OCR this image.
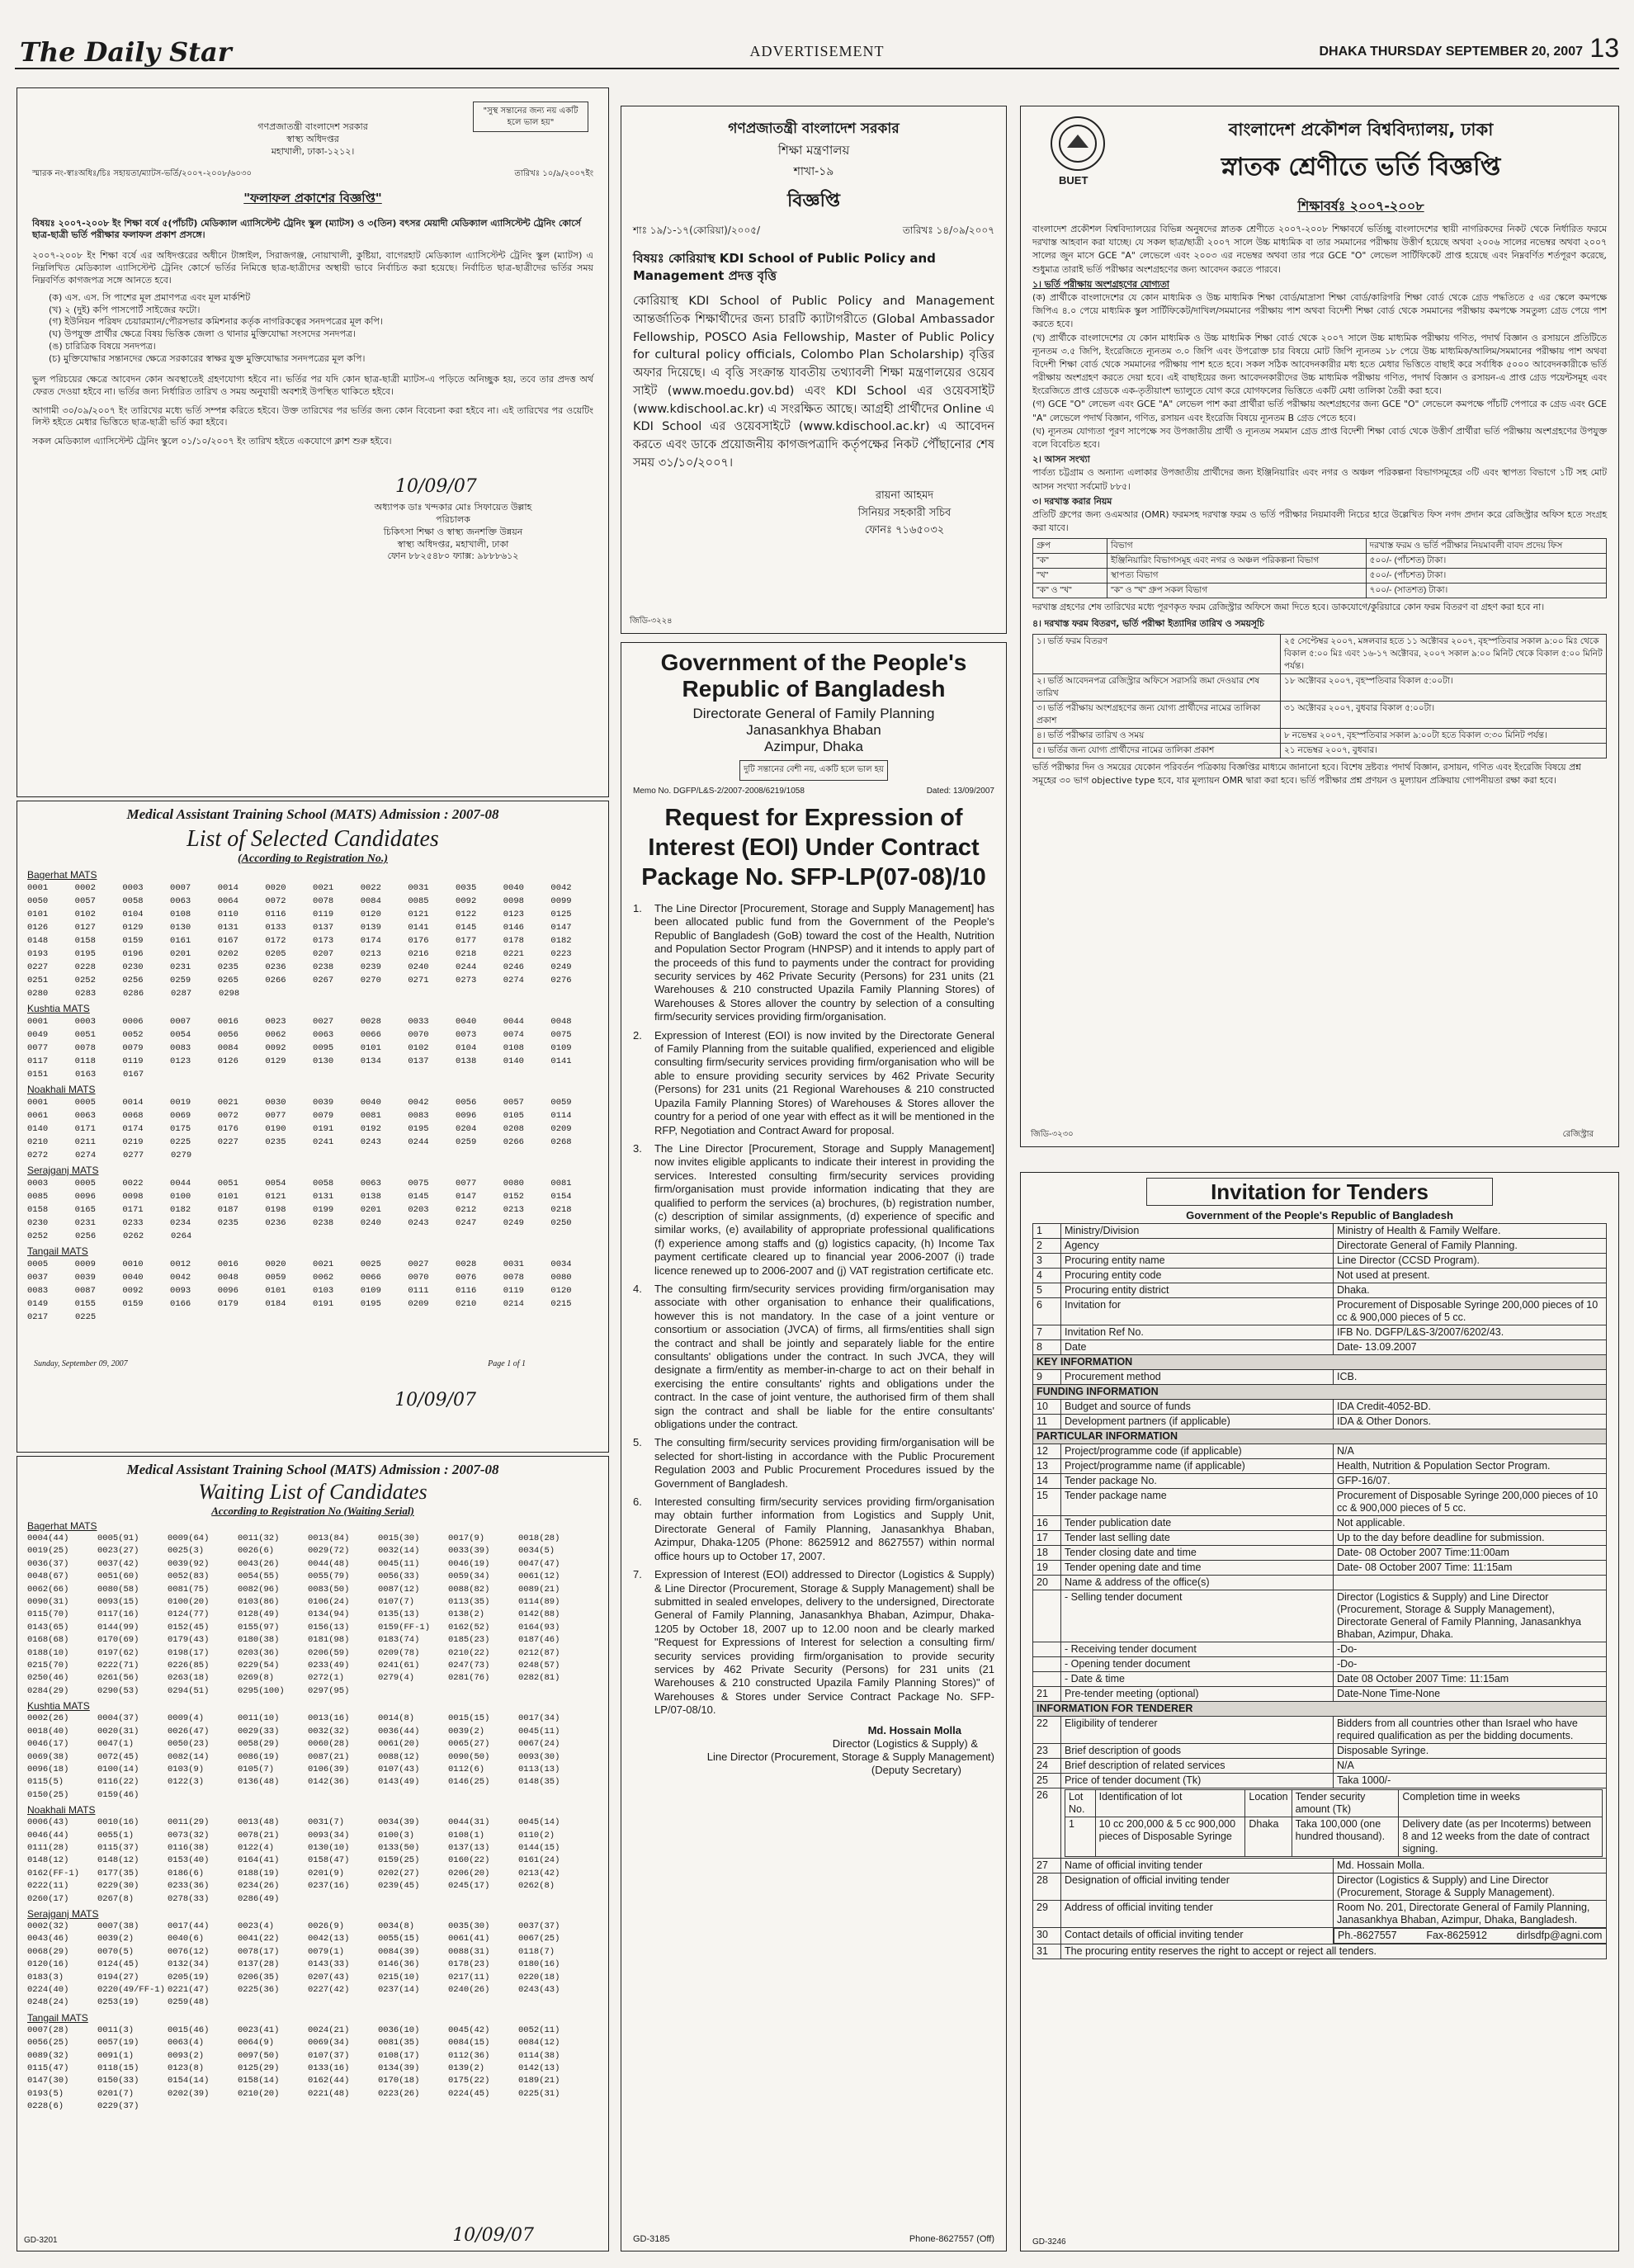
The Daily Star	ADVERTISEMENT	DHAKA THURSDAY SEPTEMBER 20, 2007 13
"সুস্থ সন্তানের জন্য নয় একটি হলে ভাল হয়"
গণপ্রজাতন্ত্রী বাংলাদেশ সরকার
স্বাস্থ্য অধিদপ্তর
মহাখালী, ঢাকা-১২১২।
স্মারক নং-স্বাঃঅধিঃ/চিঃ সহায়তা/ম্যাটস-ভর্তি/২০০৭-২০০৮/৬০৩০	তারিখঃ ১০/৯/২০০৭ইং
"ফলাফল প্রকাশের বিজ্ঞপ্তি"
বিষয়ঃ ২০০৭-২০০৮ ইং শিক্ষা বর্ষে ৫(পাঁচটি) মেডিক্যাল এ্যাসিস্টেন্ট ট্রেনিং স্কুল (ম্যাটস) ও ৩(তিন) বৎসর মেয়াদী মেডিক্যাল এ্যাসিস্টেন্ট ট্রেনিং কোর্সে ছাত্র-ছাত্রী ভর্তি পরীক্ষার ফলাফল প্রকাশ প্রসঙ্গে।
২০০৭-২০০৮ ইং শিক্ষা বর্ষে এর অধিদপ্তরের অধীনে টাঙ্গাইল, সিরাজগঞ্জ, নোয়াখালী, কুষ্টিয়া, বাগেরহাট মেডিক্যাল এ্যাসিস্টেন্ট ট্রেনিং স্কুল (ম্যাটস) এ নিম্নলিখিত মেডিক্যাল এ্যাসিস্টেন্ট ট্রেনিং কোর্সে ভর্তির নিমিত্তে ছাত্র-ছাত্রীদের অস্থায়ী ভাবে নির্বাচিত করা হয়েছে। নির্বাচিত ছাত্র-ছাত্রীদের ভর্তির সময় নিম্নবর্ণিত কাগজপত্র সঙ্গে আনতে হবে।
(ক) এস. এস. সি পাশের মূল প্রমাণপত্র এবং মূল মার্কশিট
(খ) ২ (দুই) কপি পাসপোর্ট সাইজের ফটো।
(গ) ইউনিয়ন পরিষদ চেয়ারম্যান/পৌরসভার কমিশনার কর্তৃক নাগরিকত্বের সনদপত্রের মূল কপি।
(ঘ) উপযুক্ত প্রার্থীর ক্ষেত্রে বিষয় ভিত্তিক জেলা ও থানার মুক্তিযোদ্ধা সংসদের সনদপত্র।
(ঙ) চারিত্রিক বিষয়ে সনদপত্র।
(চ) মুক্তিযোদ্ধার সন্তানদের ক্ষেত্রে সরকারের স্বাক্ষর যুক্ত মুক্তিযোদ্ধার সনদপত্রের মূল কপি।
ভুল পরিচয়ের ক্ষেত্রে আবেদন কোন অবস্থাতেই গ্রহণযোগ্য হইবে না। ভর্তির পর যদি কোন ছাত্র-ছাত্রী ম্যাটস-এ পড়িতে অনিচ্ছুক হয়, তবে তার প্রদত্ত অর্থ ফেরত দেওয়া হইবে না। ভর্তির জন্য নির্ধারিত তারিখ ও সময় অনুযায়ী অবশ্যই উপস্থিত থাকিতে হইবে।
আগামী ৩০/০৯/২০০৭ ইং তারিখের মধ্যে ভর্তি সম্পন্ন করিতে হইবে। উক্ত তারিখের পর ভর্তির জন্য কোন বিবেচনা করা হইবে না। এই তারিখের পর ওয়েটিং লিস্ট হইতে মেধার ভিত্তিতে ছাত্র-ছাত্রী ভর্তি করা হইবে।
সকল মেডিক্যাল এ্যাসিস্টেন্ট ট্রেনিং স্কুলে ০১/১০/২০০৭ ইং তারিখ হইতে একযোগে ক্লাশ শুরু হইবে।
10/09/07
অধ্যাপক ডাঃ খন্দকার মোঃ সিফায়েত উল্লাহ
পরিচালক
চিকিৎসা শিক্ষা ও স্বাস্থ্য জনশক্তি উন্নয়ন
স্বাস্থ্য অধিদপ্তর, মহাখালী, ঢাকা
ফোন ৮৮২৫৪৮০ ফ্যাক্স: ৯৮৮৮৬১২
Medical Assistant Training School (MATS) Admission : 2007-08
List of Selected Candidates
(According to Registration No.)
Bagerhat MATS
0001	0002	0003	0007	0014	0020	0021	0022	0031	0035	0040	0042
0050	0057	0058	0063	0064	0072	0078	0084	0085	0092	0098	0099
0101	0102	0104	0108	0110	0116	0119	0120	0121	0122	0123	0125
0126	0127	0129	0130	0131	0133	0137	0139	0141	0145	0146	0147
0148	0158	0159	0161	0167	0172	0173	0174	0176	0177	0178	0182
0193	0195	0196	0201	0202	0205	0207	0213	0216	0218	0221	0223
0227	0228	0230	0231	0235	0236	0238	0239	0240	0244	0246	0249
0251	0252	0256	0259	0265	0266	0267	0270	0271	0273	0274	0276
0280	0283	0286	0287	0298
Kushtia MATS
0001	0003	0006	0007	0016	0023	0027	0028	0033	0040	0044	0048
0049	0051	0052	0054	0056	0062	0063	0066	0070	0073	0074	0075
0077	0078	0079	0083	0084	0092	0095	0101	0102	0104	0108	0109
0117	0118	0119	0123	0126	0129	0130	0134	0137	0138	0140	0141
0151	0163	0167
Noakhali MATS
0001	0005	0014	0019	0021	0030	0039	0040	0042	0056	0057	0059
0061	0063	0068	0069	0072	0077	0079	0081	0083	0096	0105	0114
0140	0171	0174	0175	0176	0190	0191	0192	0195	0204	0208	0209
0210	0211	0219	0225	0227	0235	0241	0243	0244	0259	0266	0268
0272	0274	0277	0279
Serajganj MATS
0003	0005	0022	0044	0051	0054	0058	0063	0075	0077	0080	0081
0085	0096	0098	0100	0101	0121	0131	0138	0145	0147	0152	0154
0158	0165	0171	0182	0187	0198	0199	0201	0203	0212	0213	0218
0230	0231	0233	0234	0235	0236	0238	0240	0243	0247	0249	0250
0252	0256	0262	0264
Tangail MATS
0005	0009	0010	0012	0016	0020	0021	0025	0027	0028	0031	0034
0037	0039	0040	0042	0048	0059	0062	0066	0070	0076	0078	0080
0083	0087	0092	0093	0096	0101	0103	0109	0111	0116	0119	0120
0149	0155	0159	0166	0179	0184	0191	0195	0209	0210	0214	0215
0217	0225
Sunday, September 09, 2007	Page 1 of 1
10/09/07
Medical Assistant Training School (MATS) Admission : 2007-08
Waiting List of Candidates
According to Registration No (Waiting Serial)
Bagerhat MATS
0004(44)	0005(91)	0009(64)	0011(32)	0013(84)	0015(30)	0017(9)	0018(28)
0019(25)	0023(27)	0025(3)	0026(6)	0029(72)	0032(14)	0033(39)	0034(5)
0036(37)	0037(42)	0039(92)	0043(26)	0044(48)	0045(11)	0046(19)	0047(47)
0048(67)	0051(60)	0052(83)	0054(55)	0055(79)	0056(33)	0059(34)	0061(12)
0062(66)	0080(58)	0081(75)	0082(96)	0083(50)	0087(12)	0088(82)	0089(21)
0090(31)	0093(15)	0100(20)	0103(86)	0106(24)	0107(7)	0113(35)	0114(89)
0115(70)	0117(16)	0124(77)	0128(49)	0134(94)	0135(13)	0138(2)	0142(88)
0143(65)	0144(99)	0152(45)	0155(97)	0156(13)	0159(FF-1)	0162(52)	0164(93)
0168(68)	0170(69)	0179(43)	0180(38)	0181(98)	0183(74)	0185(23)	0187(46)
0188(10)	0197(62)	0198(17)	0203(36)	0206(59)	0209(78)	0210(22)	0212(87)
0215(70)	0222(71)	0226(85)	0229(54)	0233(49)	0241(61)	0247(73)	0248(57)
0250(46)	0261(56)	0263(18)	0269(8)	0272(1)	0279(4)	0281(76)	0282(81)
0284(29)	0290(53)	0294(51)	0295(100)	0297(95)
Kushtia MATS
0002(26)	0004(37)	0009(4)	0011(10)	0013(16)	0014(8)	0015(15)	0017(34)
0018(40)	0020(31)	0026(47)	0029(33)	0032(32)	0036(44)	0039(2)	0045(11)
0046(17)	0047(1)	0050(23)	0058(29)	0060(28)	0061(20)	0065(27)	0067(24)
0069(38)	0072(45)	0082(14)	0086(19)	0087(21)	0088(12)	0090(50)	0093(30)
0096(18)	0100(14)	0103(9)	0105(7)	0106(39)	0107(43)	0112(6)	0113(13)
0115(5)	0116(22)	0122(3)	0136(48)	0142(36)	0143(49)	0146(25)	0148(35)
0150(25)	0159(46)
Noakhali MATS
0006(43)	0010(16)	0011(29)	0013(48)	0031(7)	0034(39)	0044(31)	0045(14)
0046(44)	0055(1)	0073(32)	0078(21)	0093(34)	0100(3)	0108(1)	0110(2)
0111(28)	0115(37)	0116(38)	0122(4)	0130(10)	0133(50)	0137(13)	0144(15)
0148(12)	0148(12)	0153(40)	0164(41)	0158(47)	0159(25)	0160(22)	0161(24)
0162(FF-1)	0177(35)	0186(6)	0188(19)	0201(9)	0202(27)	0206(20)	0213(42)
0222(11)	0229(30)	0233(36)	0234(26)	0237(16)	0239(45)	0245(17)	0262(8)
0260(17)	0267(8)	0278(33)	0286(49)
Serajganj MATS
0002(32)	0007(38)	0017(44)	0023(4)	0026(9)	0034(8)	0035(30)	0037(37)
0043(46)	0039(2)	0040(6)	0041(22)	0042(13)	0055(15)	0061(41)	0067(25)
0068(29)	0070(5)	0076(12)	0078(17)	0079(1)	0084(39)	0088(31)	0118(7)
0120(16)	0124(45)	0132(34)	0137(28)	0143(33)	0146(36)	0178(23)	0180(16)
0183(3)	0194(27)	0205(19)	0206(35)	0207(43)	0215(10)	0217(11)	0220(18)
0224(40)	0220(49/FF-1) 0221(47)	0225(36)	0227(42)	0237(14)	0240(26)	0243(43)
0248(24)	0253(19)	0259(48)
Tangail MATS
0007(28)	0011(3)	0015(46)	0023(41)	0024(21)	0036(10)	0045(42)	0052(11)
0056(25)	0057(19)	0063(4)	0064(9)	0069(34)	0081(35)	0084(15)	0084(12)
0089(32)	0091(1)	0093(2)	0097(50)	0107(37)	0108(17)	0112(36)	0114(38)
0115(47)	0118(15)	0123(8)	0125(29)	0133(16)	0134(39)	0139(2)	0142(13)
0147(30)	0150(33)	0154(14)	0158(14)	0162(44)	0170(18)	0175(22)	0189(21)
0193(5)	0201(7)	0202(39)	0210(20)	0221(48)	0223(26)	0224(45)	0225(31)
0228(6)	0229(37)
GD-3201	10/09/07
গণপ্রজাতন্ত্রী বাংলাদেশ সরকার
শিক্ষা মন্ত্রণালয়
শাখা-১৯
বিজ্ঞপ্তি
শাঃ ১৯/১-১৭(কোরিয়া)/২০০৫/	তারিখঃ ১৪/০৯/২০০৭
বিষয়ঃ কোরিয়াস্থ KDI School of Public Policy and Management প্রদত্ত বৃত্তি
কোরিয়াস্থ KDI School of Public Policy and Management আন্তর্জাতিক শিক্ষার্থীদের জন্য চারটি ক্যাটাগরীতে (Global Ambassador Fellowship, POSCO Asia Fellowship, Master of Public Policy for cultural policy officials, Colombo Plan Scholarship) বৃত্তির অফার দিয়েছে। এ বৃত্তি সংক্রান্ত যাবতীয় তথ্যাবলী শিক্ষা মন্ত্রণালয়ের ওয়েব সাইট (www.moedu.gov.bd) এবং KDI School এর ওয়েবসাইট (www.kdischool.ac.kr) এ সংরক্ষিত আছে। আগ্রহী প্রার্থীদের Online এ KDI School এর ওয়েবসাইটে (www.kdischool.ac.kr) এ আবেদন করতে এবং ডাকে প্রয়োজনীয় কাগজপত্রাদি কর্তৃপক্ষের নিকট পৌঁছানোর শেষ সময় ৩১/১০/২০০৭।
রায়না আহমদ
সিনিয়র সহকারী সচিব
ফোনঃ ৭১৬৫০৩২
জিডি-৩২২৪
Government of the People's
Republic of Bangladesh
Directorate General of Family Planning
Janasankhya Bhaban
Azimpur, Dhaka
দুটি সন্তানের বেশী নয়, একটি হলে ভাল হয়
Memo No. DGFP/L&S-2/2007-2008/6219/1058	Dated: 13/09/2007
Request for Expression of Interest (EOI) Under Contract Package No. SFP-LP(07-08)/10
1.	The Line Director [Procurement, Storage and Supply Management] has been allocated public fund from the Government of the People's Republic of Bangladesh (GoB) toward the cost of the Health, Nutrition and Population Sector Program (HNPSP) and it intends to apply part of the proceeds of this fund to payments under the contract for providing security services by 462 Private Security (Persons) for 231 units (21 Warehouses & 210 constructed Upazila Family Planning Stores) of Warehouses & Stores allover the country by selection of a consulting firm/security services providing firm/organisation.
2.	Expression of Interest (EOI) is now invited by the Directorate General of Family Planning from the suitable qualified, experienced and eligible consulting firm/security services providing firm/organisation who will be able to ensure providing security services by 462 Private Security (Persons) for 231 units (21 Regional Warehouses & 210 constructed Upazila Family Planning Stores) of Warehouses & Stores allover the country for a period of one year with effect as it will be mentioned in the RFP, Negotiation and Contract Award for proposal.
3.	The Line Director [Procurement, Storage and Supply Management] now invites eligible applicants to indicate their interest in providing the services. Interested consulting firm/security services providing firm/organisation must provide information indicating that they are qualified to perform the services (a) brochures, (b) registration number, (c) description of similar assignments, (d) experience of specific and similar works, (e) availability of appropriate professional qualifications (f) experience among staffs and (g) logistics capacity, (h) Income Tax payment certificate cleared up to financial year 2006-2007 (i) trade licence renewed up to 2006-2007 and (j) VAT registration certificate etc.
4.	The consulting firm/security services providing firm/organisation may associate with other organisation to enhance their qualifications, however this is not mandatory. In the case of a joint venture or consortium or association (JVCA) of firms, all firms/entities shall sign the contract and shall be jointly and separately liable for the entire consultants' obligations under the contract. In such JVCA, they will designate a firm/entity as member-in-charge to act on their behalf in exercising the entire consultants' rights and obligations under the contract. In the case of joint venture, the authorised firm of them shall sign the contract and shall be liable for the entire consultants' obligations under the contract.
5.	The consulting firm/security services providing firm/organisation will be selected for short-listing in accordance with the Public Procurement Regulation 2003 and Public Procurement Procedures issued by the Government of Bangladesh.
6.	Interested consulting firm/security services providing firm/organisation may obtain further information from Logistics and Supply Unit, Directorate General of Family Planning, Janasankhya Bhaban, Azimpur, Dhaka-1205 (Phone: 8625912 and 8627557) within normal office hours up to October 17, 2007.
7.	Expression of Interest (EOI) addressed to Director (Logistics & Supply) & Line Director (Procurement, Storage & Supply Management) shall be submitted in sealed envelopes, delivery to the undersigned, Directorate General of Family Planning, Janasankhya Bhaban, Azimpur, Dhaka-1205 by October 18, 2007 up to 12.00 noon and be clearly marked "Request for Expressions of Interest for selection a consulting firm/ security services providing firm/organisation to provide security services by 462 Private Security (Persons) for 231 units (21 Warehouses & 210 constructed Upazila Family Planning Stores)" of Warehouses & Stores under Service Contract Package No. SFP-LP/07-08/10.
Md. Hossain Molla
Director (Logistics & Supply) &
Line Director (Procurement, Storage & Supply Management)
(Deputy Secretary)
GD-3185	Phone-8627557 (Off)
BUET
বাংলাদেশ প্রকৌশল বিশ্ববিদ্যালয়, ঢাকা
স্নাতক শ্রেণীতে ভর্তি বিজ্ঞপ্তি
শিক্ষাবর্ষঃ ২০০৭-২০০৮
বাংলাদেশ প্রকৌশল বিশ্ববিদ্যালয়ের বিভিন্ন অনুষদের স্নাতক শ্রেণীতে ২০০৭-২০০৮ শিক্ষাবর্ষে ভর্তিচ্ছু বাংলাদেশের স্থায়ী নাগরিকদের নিকট থেকে নির্ধারিত ফরমে দরখাস্ত আহবান করা যাচ্ছে। যে সকল ছাত্র/ছাত্রী ২০০৭ সালে উচ্চ মাধ্যমিক বা তার সমমানের পরীক্ষায় উত্তীর্ণ হয়েছে অথবা ২০০৬ সালের নভেম্বর অথবা ২০০৭ সালের জুন মাসে GCE "A" লেভেলে এবং ২০০৩ এর নভেম্বর অথবা তার পরে GCE "O" লেভেল সার্টিফিকেট প্রাপ্ত হয়েছে এবং নিম্নবর্ণিত শর্তপূরণ করেছে, শুধুমাত্র তারাই ভর্তি পরীক্ষার অংশগ্রহণের জন্য আবেদন করতে পারবে।
১। ভর্তি পরীক্ষায় অংশগ্রহণের যোগ্যতা
(ক) প্রার্থীকে বাংলাদেশের যে কোন মাধ্যমিক ও উচ্চ মাধ্যমিক শিক্ষা বোর্ড/মাদ্রাসা শিক্ষা বোর্ড/কারিগরি শিক্ষা বোর্ড থেকে গ্রেড পদ্ধতিতে ৫ এর স্কেলে কমপক্ষে জিপিএ ৪.০ পেয়ে মাধ্যমিক স্কুল সার্টিফিকেট/দাখিল/সমমানের পরীক্ষায় পাশ অথবা বিদেশী শিক্ষা বোর্ড থেকে সমমানের পরীক্ষায় কমপক্ষে সমতুল্য গ্রেড পেয়ে পাশ করতে হবে।
(খ) প্রার্থীকে বাংলাদেশের যে কোন মাধ্যমিক ও উচ্চ মাধ্যমিক শিক্ষা বোর্ড থেকে ২০০৭ সালে উচ্চ মাধ্যমিক পরীক্ষায় গণিত, পদার্থ বিজ্ঞান ও রসায়নে প্রতিটিতে ন্যূনতম ৩.৫ জিপি, ইংরেজিতে ন্যূনতম ৩.০ জিপি এবং উপরোক্ত চার বিষয়ে মোট জিপি ন্যূনতম ১৮ পেয়ে উচ্চ মাধ্যমিক/আলিম/সমমানের পরীক্ষায় পাশ অথবা বিদেশী শিক্ষা বোর্ড থেকে সমমানের পরীক্ষায় পাশ হতে হবে। সকল সঠিক আবেদনকারীর মধ্য হতে মেধার ভিত্তিতে বাছাই করে সর্বাধিক ৫০০০ আবেদনকারীকে ভর্তি পরীক্ষায় অংশগ্রহণ করতে দেয়া হবে। এই বাছাইয়ের জন্য আবেদনকারীদের উচ্চ মাধ্যমিক পরীক্ষায় গণিত, পদার্থ বিজ্ঞান ও রসায়ন-এ প্রাপ্ত গ্রেড পয়েন্টসমূহ এবং ইংরেজিতে প্রাপ্ত গ্রেডকে এক-তৃতীয়াংশ ভ্যালুতে যোগ করে যোগফলের ভিত্তিতে একটি মেধা তালিকা তৈরী করা হবে।
(গ) GCE "O" লেভেল এবং GCE "A" লেভেল পাশ করা প্রার্থীরা ভর্তি পরীক্ষায় অংশগ্রহণের জন্য GCE "O" লেভেলে কমপক্ষে পাঁচটি পেপারে ক গ্রেড এবং GCE "A" লেভেলে পদার্থ বিজ্ঞান, গণিত, রসায়ন এবং ইংরেজি বিষয়ে ন্যূনতম B গ্রেড পেতে হবে।
(ঘ) ন্যূনতম যোগ্যতা পূরণ সাপেক্ষে সব উপজাতীয় প্রার্থী ও ন্যূনতম সমমান গ্রেড প্রাপ্ত বিদেশী শিক্ষা বোর্ড থেকে উত্তীর্ণ প্রার্থীরা ভর্তি পরীক্ষায় অংশগ্রহণের উপযুক্ত বলে বিবেচিত হবে।
২। আসন সংখ্যা
পার্বত্য চট্টগ্রাম ও অন্যান্য এলাকার উপজাতীয় প্রার্থীদের জন্য ইঞ্জিনিয়ারিং এবং নগর ও অঞ্চল পরিকল্পনা বিভাগসমূহের ৩টি এবং স্থাপত্য বিভাগে ১টি সহ মোট আসন সংখ্যা সর্বমোট ৮৮৫।
৩। দরখাস্ত করার নিয়ম
প্রতিটি গ্রুপের জন্য ওএমআর (OMR) ফরমসহ দরখাস্ত ফরম ও ভর্তি পরীক্ষার নিয়মাবলী নিচের হারে উল্লেখিত ফিস নগদ প্রদান করে রেজিস্ট্রার অফিস হতে সংগ্রহ করা যাবে।
গ্রুপ	বিভাগ	দরখাস্ত ফরম ও ভর্তি পরীক্ষার নিয়মাবলী বাবদ প্রদেয় ফিস
"ক"	ইঞ্জিনিয়ারিং বিভাগসমূহ এবং নগর ও অঞ্চল পরিকল্পনা বিভাগ	৫০০/- (পাঁচশত) টাকা।
"খ"	স্থাপত্য বিভাগ	৫০০/- (পাঁচশত) টাকা।
"ক" ও "খ"	"ক" ও "খ" গ্রুপ সকল বিভাগ	৭০০/- (সাতশত) টাকা।
দরখাস্ত গ্রহণের শেষ তারিখের মধ্যে পূরণকৃত ফরম রেজিস্ট্রার অফিসে জমা দিতে হবে। ডাকযোগে/কুরিয়ারে কোন ফরম বিতরণ বা গ্রহণ করা হবে না।
৪। দরখাস্ত ফরম বিতরণ, ভর্তি পরীক্ষা ইত্যাদির তারিখ ও সময়সূচি
১। ভর্তি ফরম বিতরণ	২৫ সেপ্টেম্বর ২০০৭, মঙ্গলবার হতে ১১ অক্টোবর ২০০৭, বৃহস্পতিবার সকাল ৯:০০ মিঃ থেকে বিকাল ৫:০০ মিঃ এবং ১৬-১৭ অক্টোবর, ২০০৭ সকাল ৯:০০ মিনিট থেকে বিকাল ৫:০০ মিনিট পর্যন্ত।
২। ভর্তি আবেদনপত্র রেজিস্ট্রার অফিসে সরাসরি জমা দেওয়ার শেষ তারিখ	১৮ অক্টোবর ২০০৭, বৃহস্পতিবার বিকাল ৫:০০টা।
৩। ভর্তি পরীক্ষায় অংশগ্রহণের জন্য যোগ্য প্রার্থীদের নামের তালিকা প্রকাশ	৩১ অক্টোবর ২০০৭, বুধবার বিকাল ৫:০০টা।
৪। ভর্তি পরীক্ষার তারিখ ও সময়	৮ নভেম্বর ২০০৭, বৃহস্পতিবার সকাল ৯:০০টা হতে বিকাল ৩:৩০ মিনিট পর্যন্ত।
৫। ভর্তির জন্য যোগ্য প্রার্থীদের নামের তালিকা প্রকাশ	২১ নভেম্বর ২০০৭, বুধবার।
ভর্তি পরীক্ষার দিন ও সময়ের যেকোন পরিবর্তন পত্রিকায় বিজ্ঞপ্তির মাধ্যমে জানানো হবে। বিশেষ দ্রষ্টব্যঃ পদার্থ বিজ্ঞান, রসায়ন, গণিত এবং ইংরেজি বিষয়ে প্রশ্ন সমূহের ৩০ ভাগ objective type হবে, যার মূল্যায়ন OMR দ্বারা করা হবে। ভর্তি পরীক্ষার প্রশ্ন প্রণয়ন ও মূল্যায়ন প্রক্রিয়ায় গোপনীয়তা রক্ষা করা হবে।
জিডি-৩২৩০	রেজিস্ট্রার
Invitation for Tenders
Government of the People's Republic of Bangladesh
1	Ministry/Division	Ministry of Health & Family Welfare.
2	Agency	Directorate General of Family Planning.
3	Procuring entity name	Line Director (CCSD Program).
4	Procuring entity code	Not used at present.
5	Procuring entity district	Dhaka.
6	Invitation for	Procurement of Disposable Syringe 200,000 pieces of 10 cc & 900,000 pieces of 5 cc.
7	Invitation Ref No.	IFB No. DGFP/L&S-3/2007/6202/43.
8	Date	Date- 13.09.2007
KEY INFORMATION
9	Procurement method	ICB.
FUNDING INFORMATION
10	Budget and source of funds	IDA Credit-4052-BD.
11	Development partners (if applicable)	IDA & Other Donors.
PARTICULAR INFORMATION
12	Project/programme code (if applicable)	N/A
13	Project/programme name (if applicable)	Health, Nutrition & Population Sector Program.
14	Tender package No.	GFP-16/07.
15	Tender package name	Procurement of Disposable Syringe 200,000 pieces of 10 cc & 900,000 pieces of 5 cc.
16	Tender publication date	Not applicable.
17	Tender last selling date	Up to the day before deadline for submission.
18	Tender closing date and time	Date- 08 October 2007 Time:11:00am
19	Tender opening date and time	Date- 08 October 2007 Time: 11:15am
20	Name & address of the office(s)	
	- Selling tender document	Director (Logistics & Supply) and Line Director (Procurement, Storage & Supply Management), Directorate General of Family Planning, Janasankhya Bhaban, Azimpur, Dhaka.
	- Receiving tender document	-Do-
	- Opening tender document	-Do-
	- Date & time	Date 08 October 2007 Time: 11:15am
21	Pre-tender meeting (optional)	Date-None Time-None
INFORMATION FOR TENDERER
22	Eligibility of tenderer	Bidders from all countries other than Israel who have required qualification as per the bidding documents.
23	Brief description of goods	Disposable Syringe.
24	Brief description of related services	N/A
25	Price of tender document (Tk)	Taka 1000/-
26	Lot No.	Identification of lot	Location	Tender security amount (Tk)	Completion time in weeks
1	10 cc 200,000 & 5 cc 900,000 pieces of Disposable Syringe	Dhaka	Taka 100,000 (one hundred thousand).	Delivery date (as per Incoterms) between 8 and 12 weeks from the date of contract signing.

27	Name of official inviting tender	Md. Hossain Molla.
28	Designation of official inviting tender	Director (Logistics & Supply) and Line Director (Procurement, Storage & Supply Management).
29	Address of official inviting tender	Room No. 201, Directorate General of Family Planning, Janasankhya Bhaban, Azimpur, Dhaka, Bangladesh.
30	Contact details of official inviting tender		Ph.-8627557	Fax-8625912	dirlsdfp@agni.com

31	The procuring entity reserves the right to accept or reject all tenders.
GD-3246
